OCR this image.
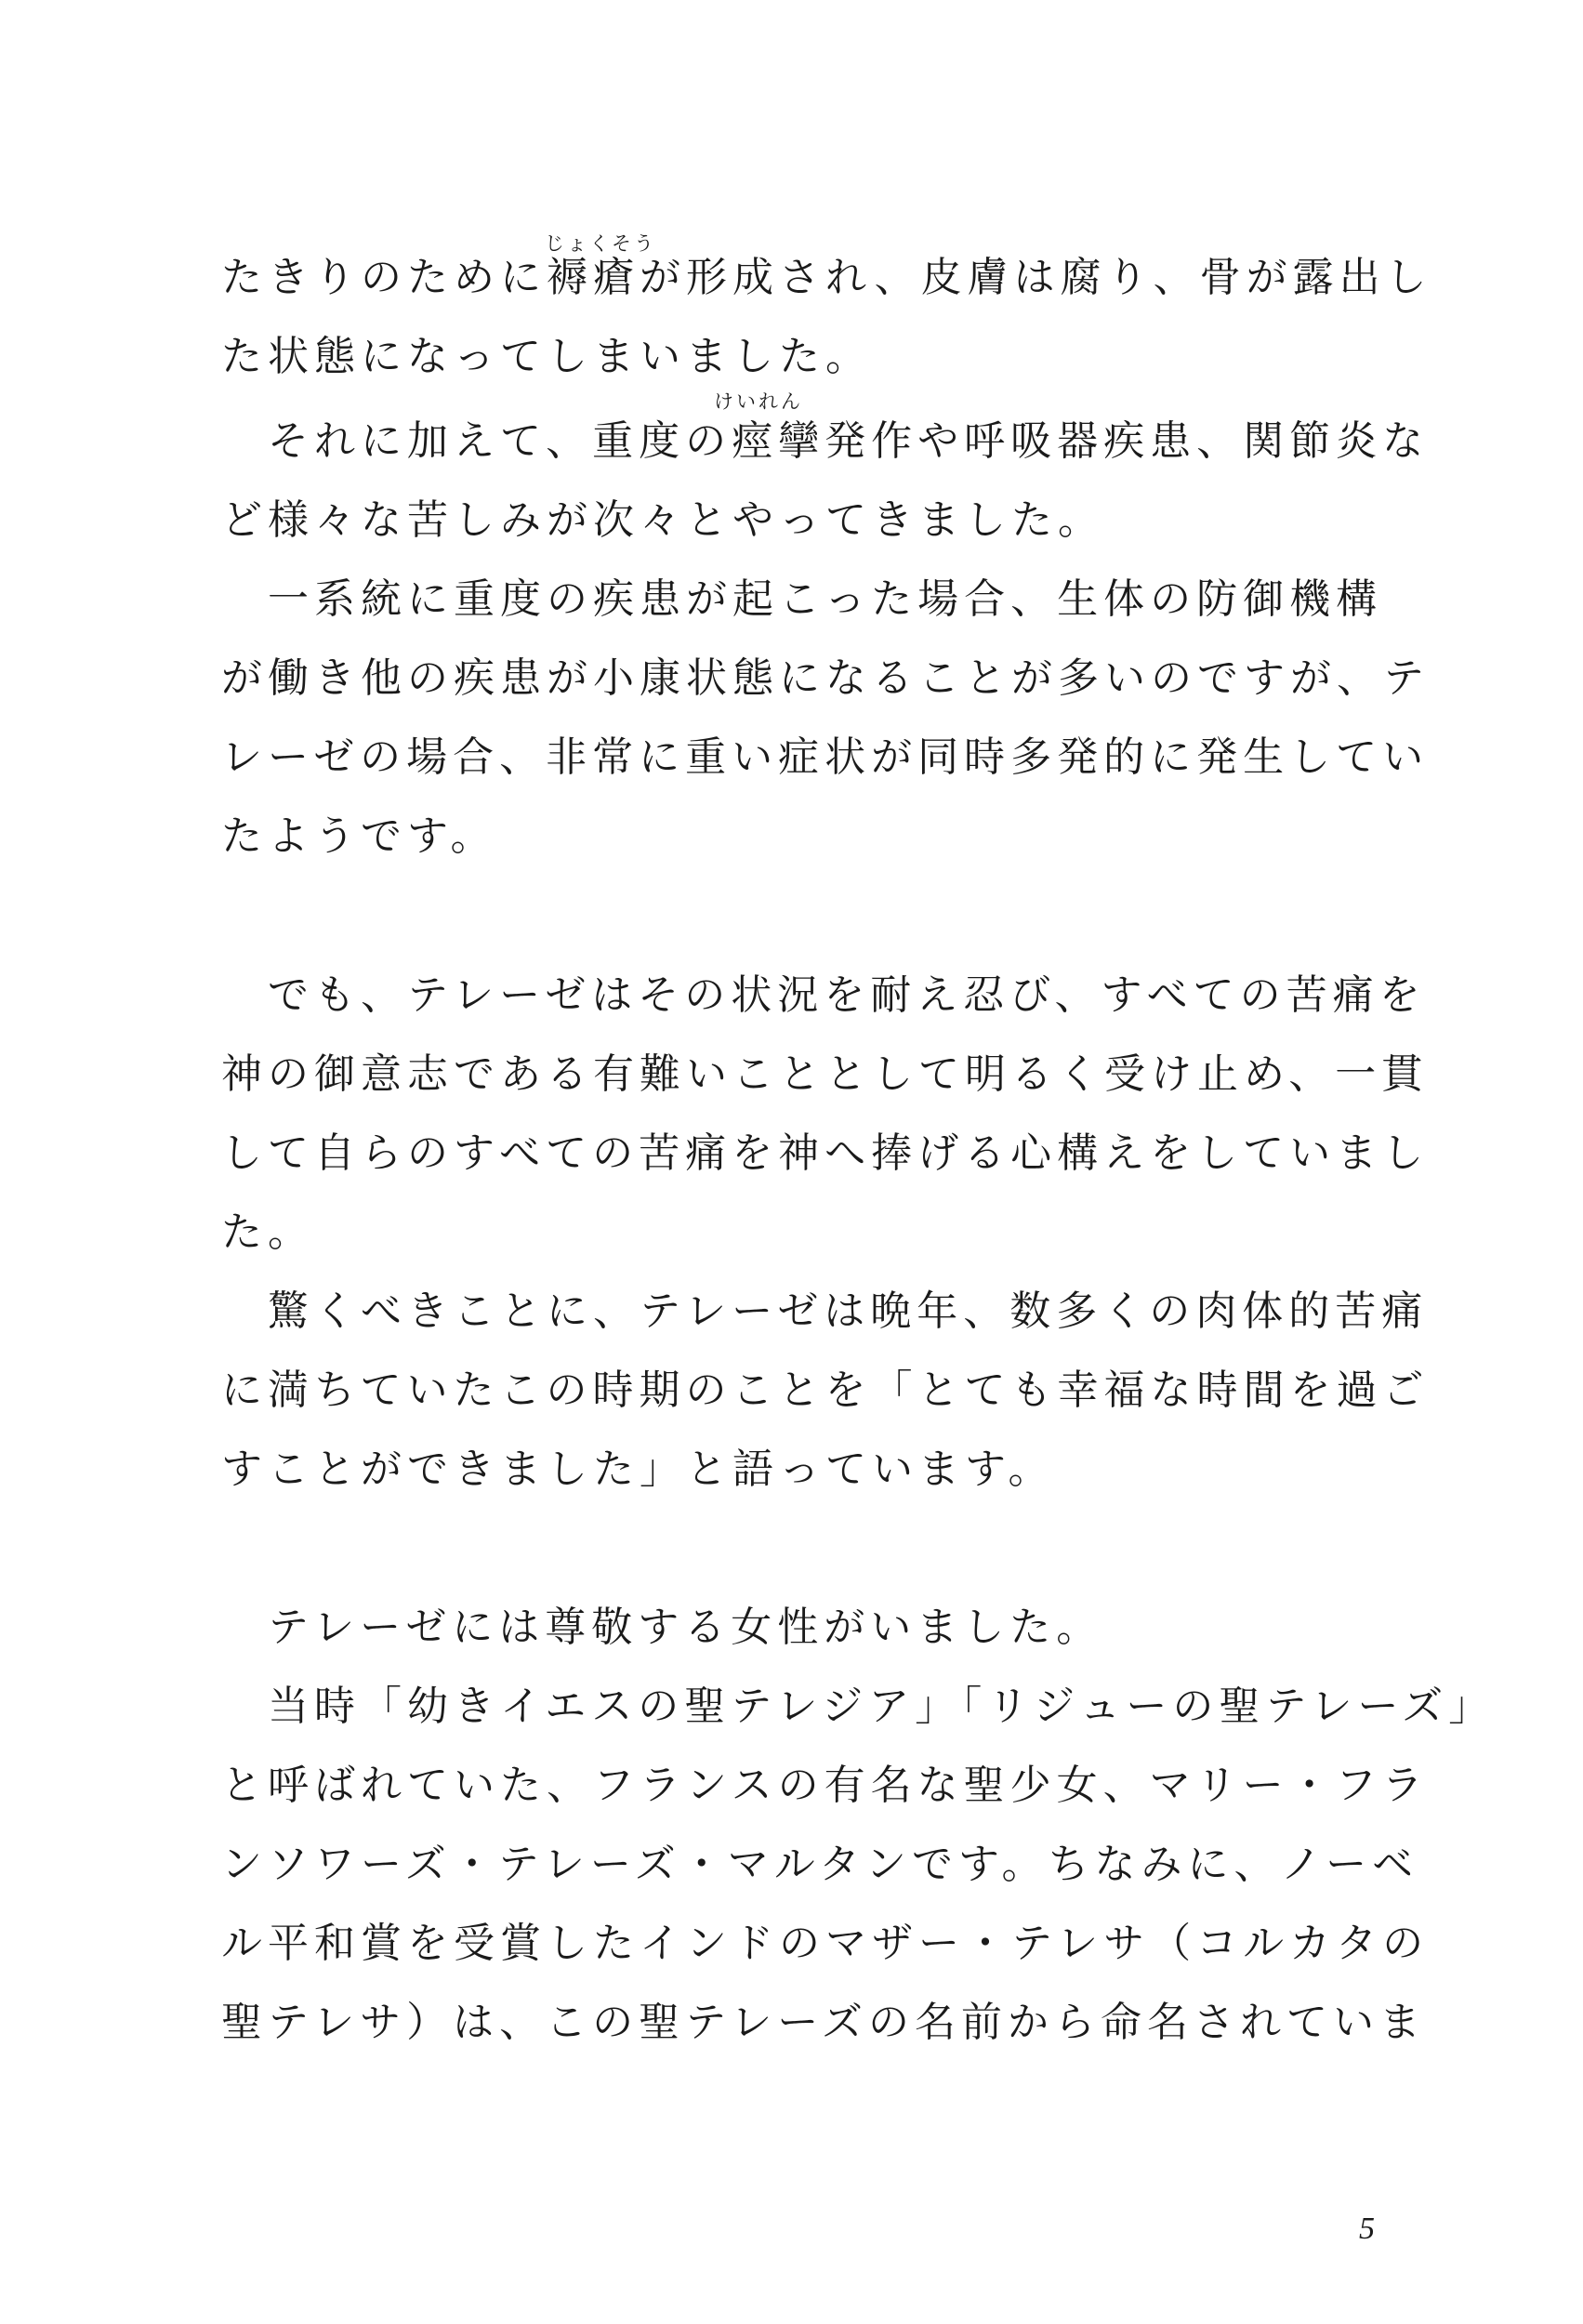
じょくそう
たきりのために褥瘡が形成され、皮膚は腐り、骨が露出し
た状態になってしまいました。
けいれん
それに加えて、重度の痙攣発作や呼吸器疾患、関節炎な
ど様々な苦しみが次々とやってきました。
一系統に重度の疾患が起こった場合、生体の防御機構
が働き他の疾患が小康状態になることが多いのですが、テ
レーゼの場合、非常に重い症状が同時多発的に発生してい
たようです。
でも、テレーゼはその状況を耐え忍び、すべての苦痛を
神の御意志である有難いこととして明るく受け止め、一貫
して自らのすべての苦痛を神へ捧げる心構えをしていまし
た。
驚くべきことに、テレーゼは晩年、数多くの肉体的苦痛
に満ちていたこの時期のことを「とても幸福な時間を過ご
すことができました」と語っています。
テレーゼには尊敬する女性がいました。
当時「幼きイエスの聖テレジア」「リジューの聖テレーズ」
と呼ばれていた、フランスの有名な聖少女、マリー・フラ
ンソワーズ・テレーズ・マルタンです。ちなみに、ノーベ
ル平和賞を受賞したインドのマザー・テレサ（コルカタの
聖テレサ）は、この聖テレーズの名前から命名されていま
5
